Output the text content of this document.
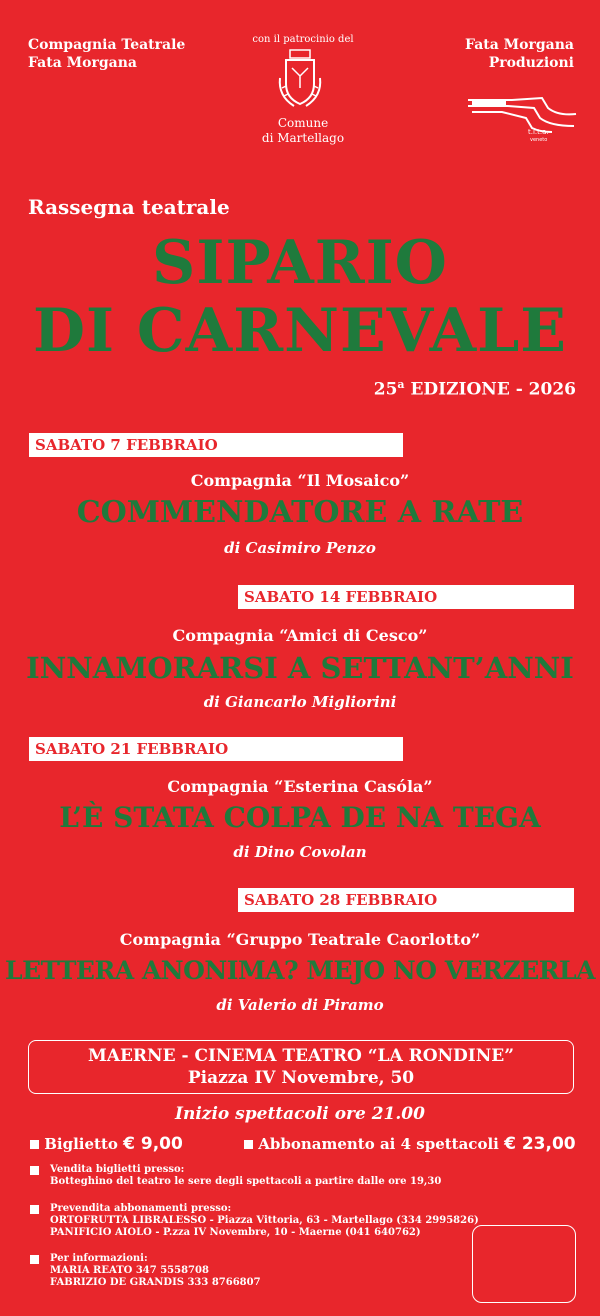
Compagnia Teatrale
Fata Morgana
con il patrocinio del
Comune
di Martellago
Fata Morgana
Produzioni
t.i.t.a.
veneto
Rassegna teatrale
SIPARIO
DI CARNEVALE
25$^a$ EDIZIONE - 2026
SABATO 7 FEBBRAIO
Compagnia “Il Mosaico”
COMMENDATORE A RATE
di Casimiro Penzo
SABATO 14 FEBBRAIO
Compagnia “Amici di Cesco”
INNAMORARSI A SETTANT’ANNI
di Giancarlo Migliorini
SABATO 21 FEBBRAIO
Compagnia “Esterina Casóla”
L’È STATA COLPA DE NA TEGA
di Dino Covolan
SABATO 28 FEBBRAIO
Compagnia “Gruppo Teatrale Caorlotto”
LETTERA ANONIMA? MEJO NO VERZERLA
di Valerio di Piramo
MAERNE - CINEMA TEATRO “LA RONDINE”
Piazza IV Novembre, 50
Inizio spettacoli ore 21.00
Biglietto € 9,00	Abbonamento ai 4 spettacoli € 23,00
Vendita biglietti presso:
Botteghino del teatro le sere degli spettacoli a partire dalle ore 19,30
Prevendita abbonamenti presso:
ORTOFRUTTA LIBRALESSO - Piazza Vittoria, 63 - Martellago (334 2995826)
PANIFICIO AIOLO - P.zza IV Novembre, 10 - Maerne (041 640762)
Per informazioni:
MARIA REATO 347 5558708
FABRIZIO DE GRANDIS 333 8766807
